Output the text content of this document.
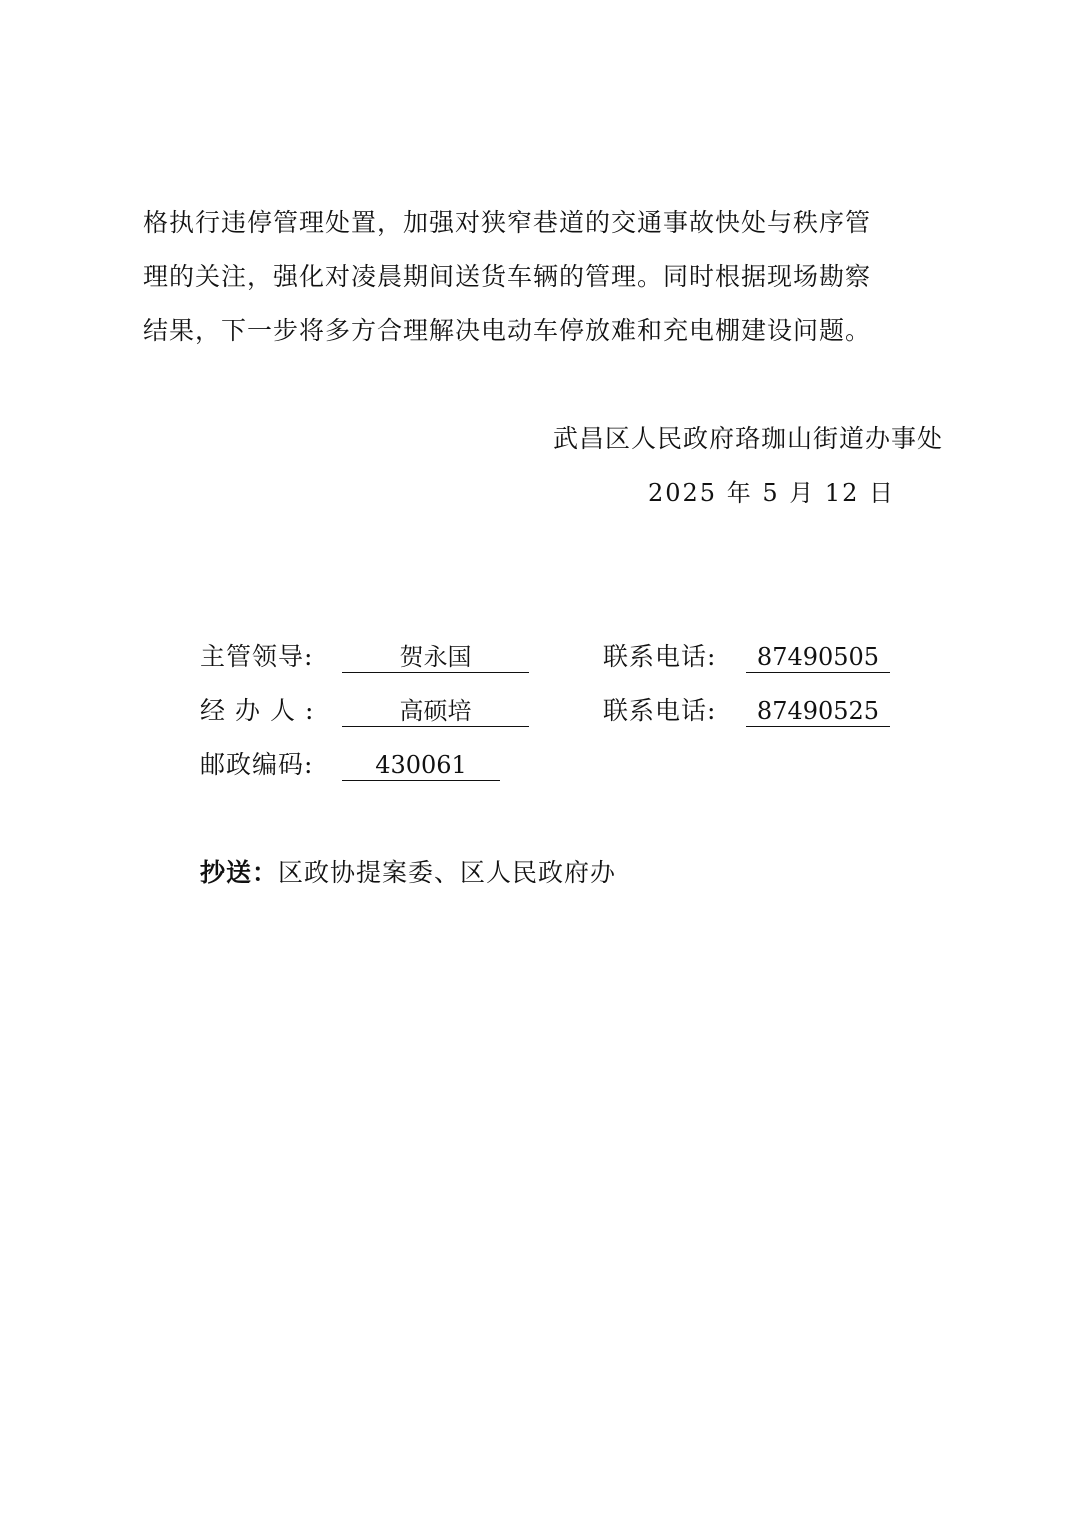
格执行违停管理处置，加强对狭窄巷道的交通事故快处与秩序管
理的关注，强化对凌晨期间送货车辆的管理。同时根据现场勘察
结果，下一步将多方合理解决电动车停放难和充电棚建设问题。
武昌区人民政府珞珈山街道办事处
2025 年 5 月 12 日
主管领导:	贺永国	联系电话:	87490505
经办人:	高硕培	联系电话:	87490525
邮政编码:	430061
抄送：区政协提案委、区人民政府办
